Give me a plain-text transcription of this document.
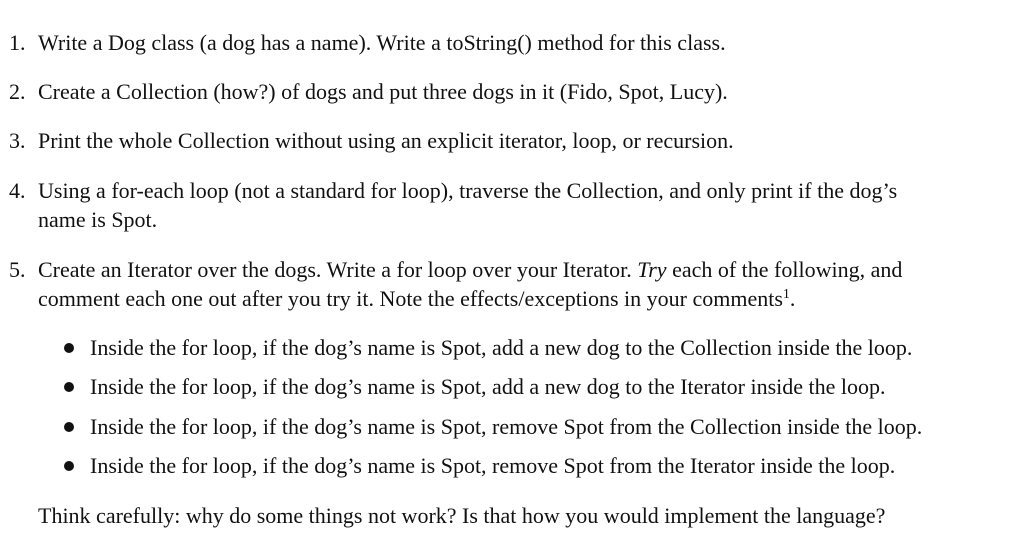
1. Write a Dog class (a dog has a name). Write a toString() method for this class.
2. Create a Collection (how?) of dogs and put three dogs in it (Fido, Spot, Lucy).
3. Print the whole Collection without using an explicit iterator, loop, or recursion.
4. Using a for-each loop (not a standard for loop), traverse the Collection, and only print if the dog’s
name is Spot.
5. Create an Iterator over the dogs. Write a for loop over your Iterator. Try each of the following, and
comment each one out after you try it. Note the effects/exceptions in your comments$^1$.
Inside the for loop, if the dog’s name is Spot, add a new dog to the Collection inside the loop.
Inside the for loop, if the dog’s name is Spot, add a new dog to the Iterator inside the loop.
Inside the for loop, if the dog’s name is Spot, remove Spot from the Collection inside the loop.
Inside the for loop, if the dog’s name is Spot, remove Spot from the Iterator inside the loop.
Think carefully: why do some things not work? Is that how you would implement the language?
